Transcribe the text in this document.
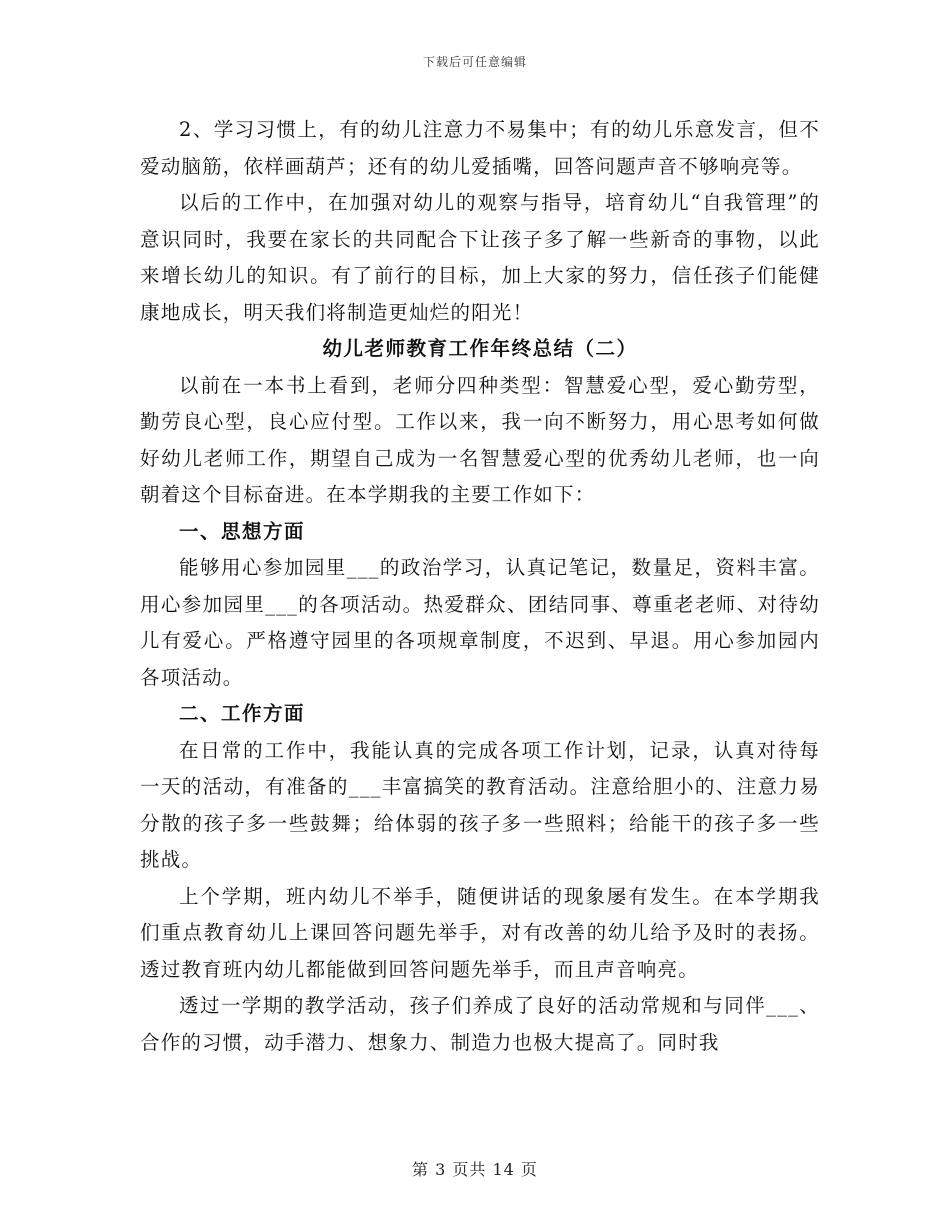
下载后可任意编辑

2、学习习惯上，有的幼儿注意力不易集中；有的幼儿乐意发言，但不爱动脑筋，依样画葫芦；还有的幼儿爱插嘴，回答问题声音不够响亮等。

以后的工作中，在加强对幼儿的观察与指导，培育幼儿“自我管理”的意识同时，我要在家长的共同配合下让孩子多了解一些新奇的事物，以此来增长幼儿的知识。有了前行的目标，加上大家的努力，信任孩子们能健康地成长，明天我们将制造更灿烂的阳光！

幼儿老师教育工作年终总结（二）

以前在一本书上看到，老师分四种类型：智慧爱心型，爱心勤劳型，勤劳良心型，良心应付型。工作以来，我一向不断努力，用心思考如何做好幼儿老师工作，期望自己成为一名智慧爱心型的优秀幼儿老师，也一向朝着这个目标奋进。在本学期我的主要工作如下：

一、思想方面

能够用心参加园里___的政治学习，认真记笔记，数量足，资料丰富。用心参加园里___的各项活动。热爱群众、团结同事、尊重老老师、对待幼儿有爱心。严格遵守园里的各项规章制度，不迟到、早退。用心参加园内各项活动。

二、工作方面

在日常的工作中，我能认真的完成各项工作计划，记录，认真对待每一天的活动，有准备的___丰富搞笑的教育活动。注意给胆小的、注意力易分散的孩子多一些鼓舞；给体弱的孩子多一些照料；给能干的孩子多一些挑战。

上个学期，班内幼儿不举手，随便讲话的现象屡有发生。在本学期我们重点教育幼儿上课回答问题先举手，对有改善的幼儿给予及时的表扬。透过教育班内幼儿都能做到回答问题先举手，而且声音响亮。

透过一学期的教学活动，孩子们养成了良好的活动常规和与同伴___、合作的习惯，动手潜力、想象力、制造力也极大提高了。同时我

第 3 页共 14 页
